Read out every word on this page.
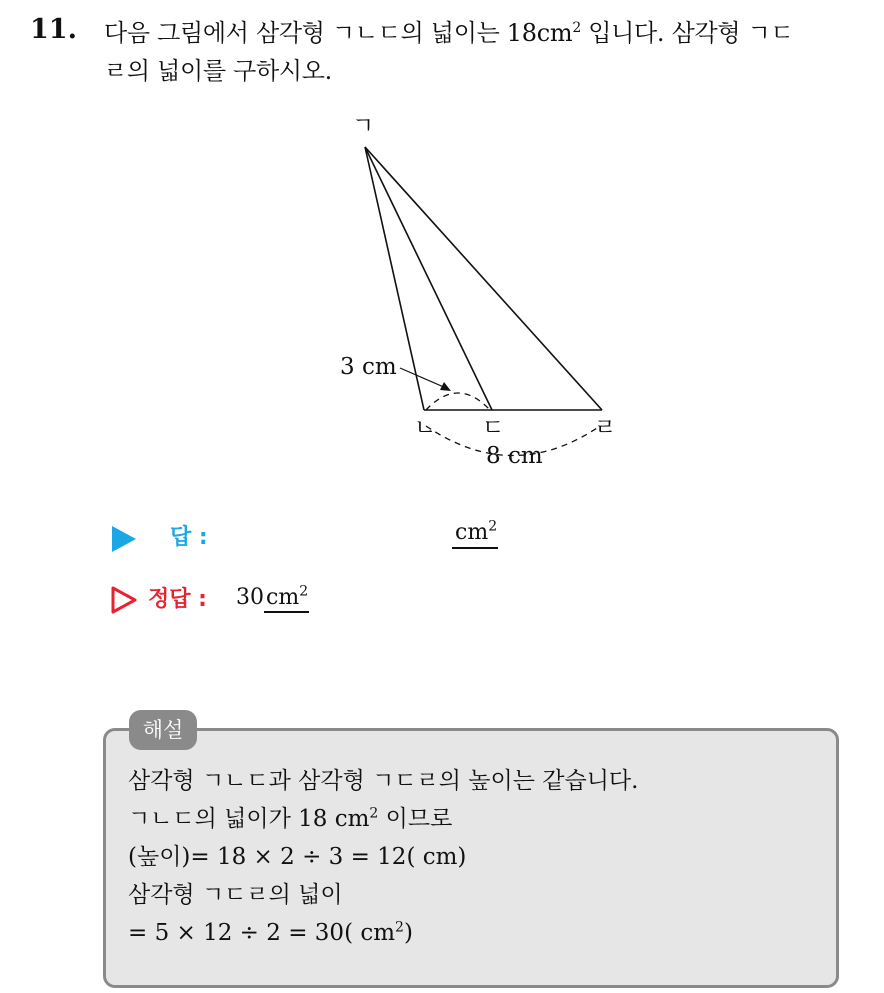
11. 다음 그림에서 삼각형 ㄱㄴㄷ의 넓이는 $18cm^2$ 입니다. 삼각형 ㄱㄷ
ㄹ의 넓이를 구하시오.
ㄱ
ㄴ ㄷ	ㄹ
3 cm
8 cm
답 :	$cm^2$
정답 : $30cm^2$
해설
삼각형 ㄱㄴㄷ과 삼각형 ㄱㄷㄹ의 높이는 같습니다.
ㄱㄴㄷ의 넓이가 18 $cm^2$ 이므로
(높이)= 18 × 2 ÷ 3 = 12( cm)
삼각형 ㄱㄷㄹ의 넓이
= 5 × 12 ÷ 2 = 30( $cm^2$)
